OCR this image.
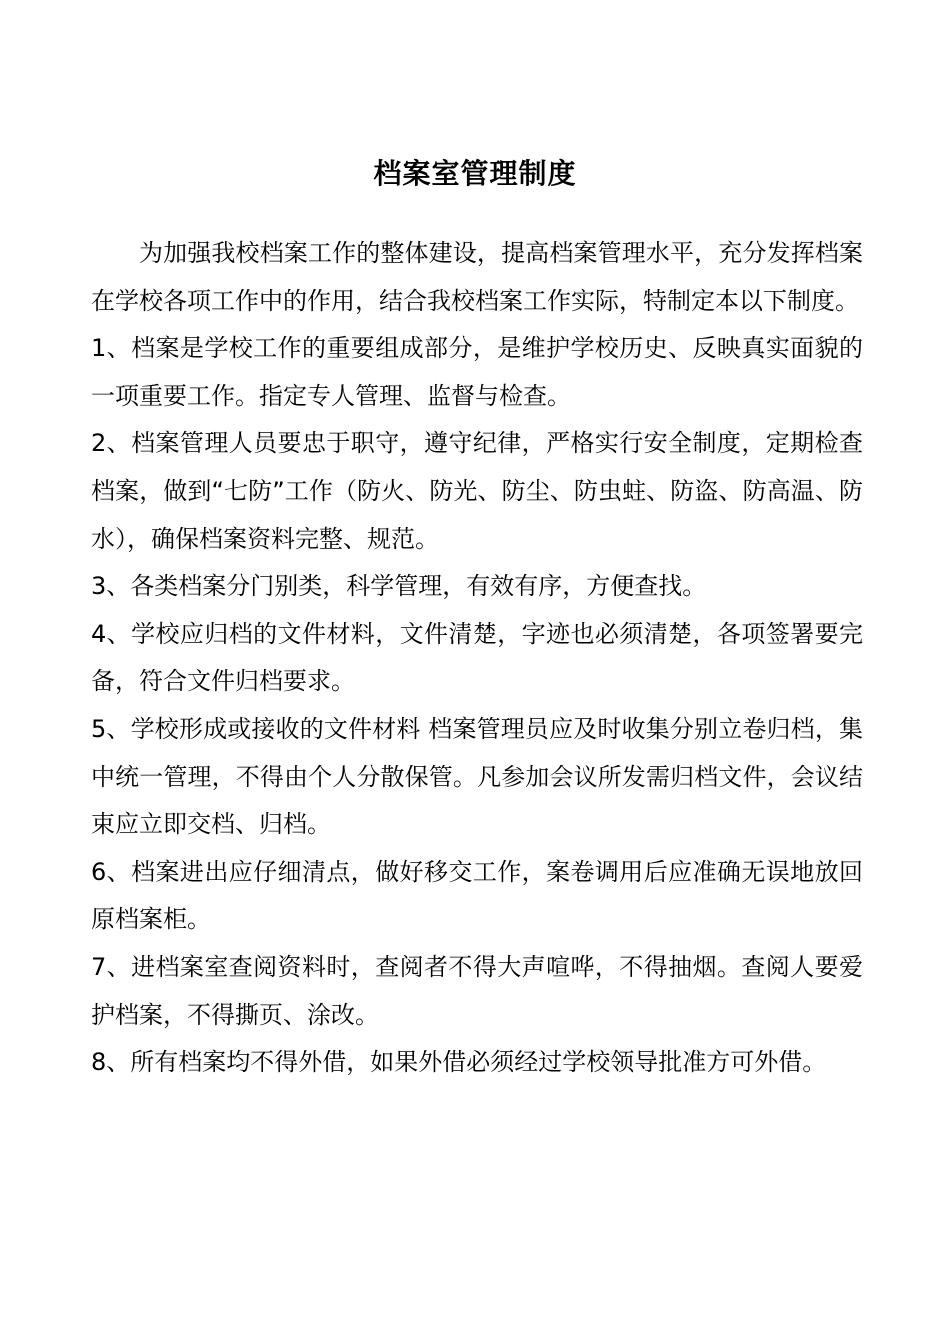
档案室管理制度

为加强我校档案工作的整体建设，提高档案管理水平，充分发挥档案在学校各项工作中的作用，结合我校档案工作实际，特制定本以下制度。

1、档案是学校工作的重要组成部分，是维护学校历史、反映真实面貌的一项重要工作。指定专人管理、监督与检查。

2、档案管理人员要忠于职守，遵守纪律，严格实行安全制度，定期检查档案，做到“七防”工作（防火、防光、防尘、防虫蛀、防盗、防高温、防水），确保档案资料完整、规范。

3、各类档案分门别类，科学管理，有效有序，方便查找。

4、学校应归档的文件材料，文件清楚，字迹也必须清楚，各项签署要完备，符合文件归档要求。

5、学校形成或接收的文件材料 档案管理员应及时收集分别立卷归档，集中统一管理，不得由个人分散保管。凡参加会议所发需归档文件，会议结束应立即交档、归档。

6、档案进出应仔细清点，做好移交工作，案卷调用后应准确无误地放回原档案柜。

7、进档案室查阅资料时，查阅者不得大声喧哗，不得抽烟。查阅人要爱护档案，不得撕页、涂改。

8、所有档案均不得外借，如果外借必须经过学校领导批准方可外借。
